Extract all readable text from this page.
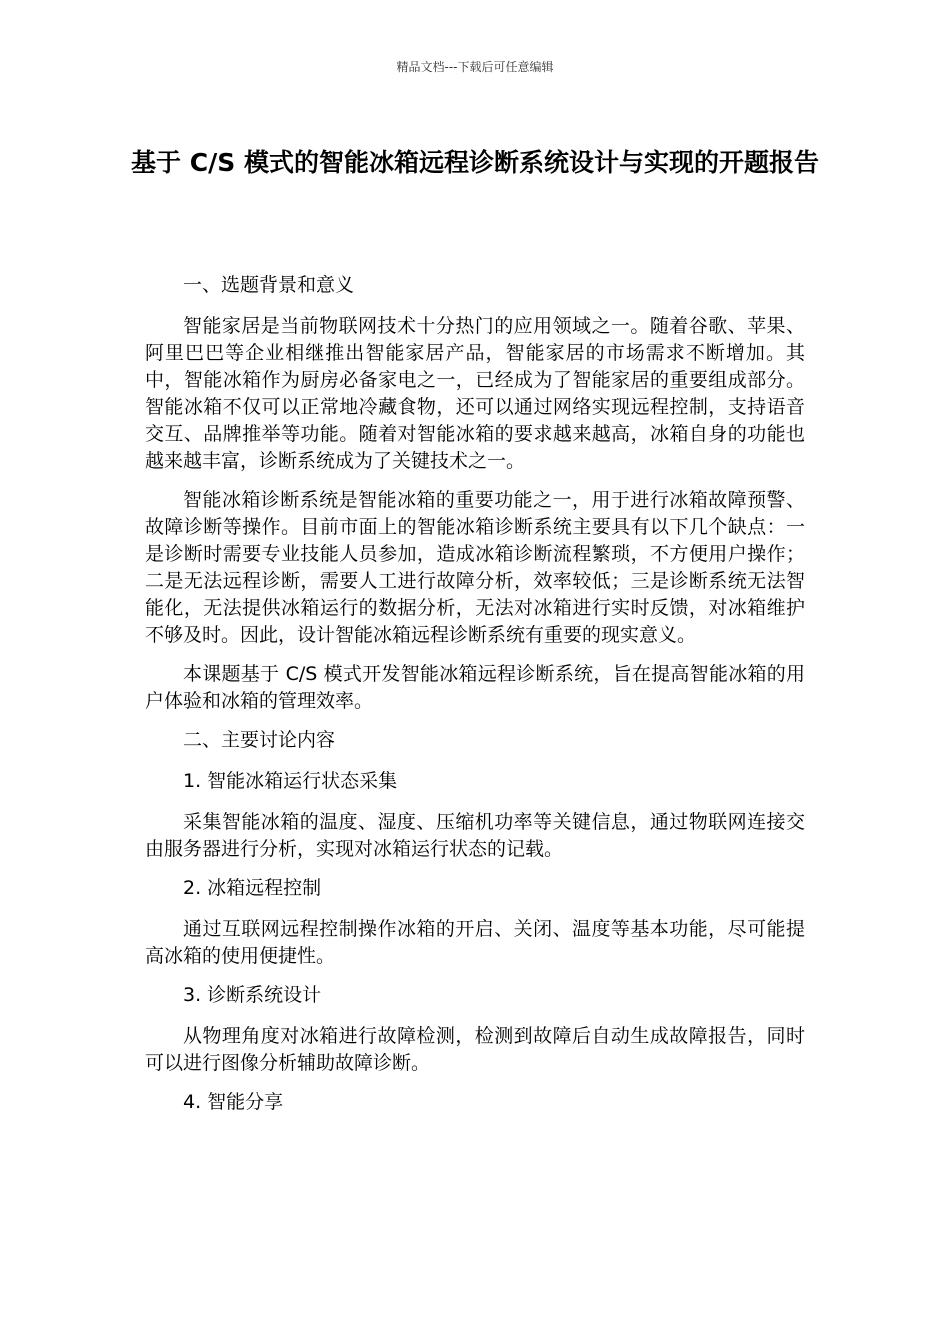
精品文档---下载后可任意编辑
基于 C/S 模式的智能冰箱远程诊断系统设计与实现的开题报告

一、选题背景和意义

智能家居是当前物联网技术十分热门的应用领域之一。随着谷歌、苹果、阿里巴巴等企业相继推出智能家居产品，智能家居的市场需求不断增加。其中，智能冰箱作为厨房必备家电之一，已经成为了智能家居的重要组成部分。智能冰箱不仅可以正常地冷藏食物，还可以通过网络实现远程控制，支持语音交互、品牌推举等功能。随着对智能冰箱的要求越来越高，冰箱自身的功能也越来越丰富，诊断系统成为了关键技术之一。

智能冰箱诊断系统是智能冰箱的重要功能之一，用于进行冰箱故障预警、故障诊断等操作。目前市面上的智能冰箱诊断系统主要具有以下几个缺点：一是诊断时需要专业技能人员参加，造成冰箱诊断流程繁琐，不方便用户操作；二是无法远程诊断，需要人工进行故障分析，效率较低；三是诊断系统无法智能化，无法提供冰箱运行的数据分析，无法对冰箱进行实时反馈，对冰箱维护不够及时。因此，设计智能冰箱远程诊断系统有重要的现实意义。

本课题基于 C/S 模式开发智能冰箱远程诊断系统，旨在提高智能冰箱的用户体验和冰箱的管理效率。

二、主要讨论内容

1. 智能冰箱运行状态采集

采集智能冰箱的温度、湿度、压缩机功率等关键信息，通过物联网连接交由服务器进行分析，实现对冰箱运行状态的记载。

2. 冰箱远程控制

通过互联网远程控制操作冰箱的开启、关闭、温度等基本功能，尽可能提高冰箱的使用便捷性。

3. 诊断系统设计

从物理角度对冰箱进行故障检测，检测到故障后自动生成故障报告，同时可以进行图像分析辅助故障诊断。

4. 智能分享
